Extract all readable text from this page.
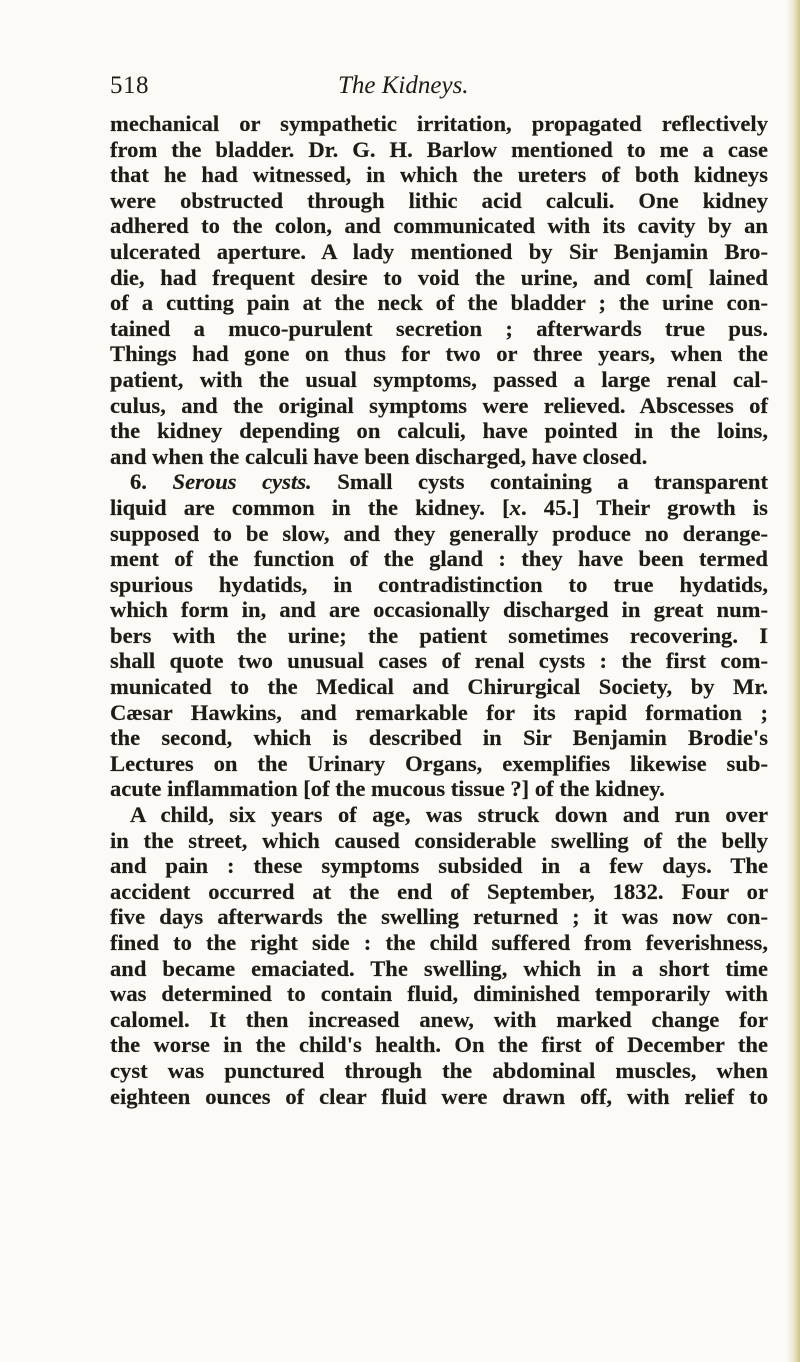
518	The Kidneys.
mechanical or sympathetic irritation, propagated reflectively
from the bladder. Dr. G. H. Barlow mentioned to me a case
that he had witnessed, in which the ureters of both kidneys
were obstructed through lithic acid calculi. One kidney
adhered to the colon, and communicated with its cavity by an
ulcerated aperture. A lady mentioned by Sir Benjamin Bro-
die, had frequent desire to void the urine, and com[ lained
of a cutting pain at the neck of the bladder ; the urine con-
tained a muco-purulent secretion ; afterwards true pus.
Things had gone on thus for two or three years, when the
patient, with the usual symptoms, passed a large renal cal-
culus, and the original symptoms were relieved. Abscesses of
the kidney depending on calculi, have pointed in the loins,
and when the calculi have been discharged, have closed.
6. Serous cysts. Small cysts containing a transparent
liquid are common in the kidney. [x. 45.] Their growth is
supposed to be slow, and they generally produce no derange-
ment of the function of the gland : they have been termed
spurious hydatids, in contradistinction to true hydatids,
which form in, and are occasionally discharged in great num-
bers with the urine; the patient sometimes recovering. I
shall quote two unusual cases of renal cysts : the first com-
municated to the Medical and Chirurgical Society, by Mr.
Cæsar Hawkins, and remarkable for its rapid formation ;
the second, which is described in Sir Benjamin Brodie's
Lectures on the Urinary Organs, exemplifies likewise sub-
acute inflammation [of the mucous tissue ?] of the kidney.
A child, six years of age, was struck down and run over
in the street, which caused considerable swelling of the belly
and pain : these symptoms subsided in a few days. The
accident occurred at the end of September, 1832. Four or
five days afterwards the swelling returned ; it was now con-
fined to the right side : the child suffered from feverishness,
and became emaciated. The swelling, which in a short time
was determined to contain fluid, diminished temporarily with
calomel. It then increased anew, with marked change for
the worse in the child's health. On the first of December the
cyst was punctured through the abdominal muscles, when
eighteen ounces of clear fluid were drawn off, with relief to
